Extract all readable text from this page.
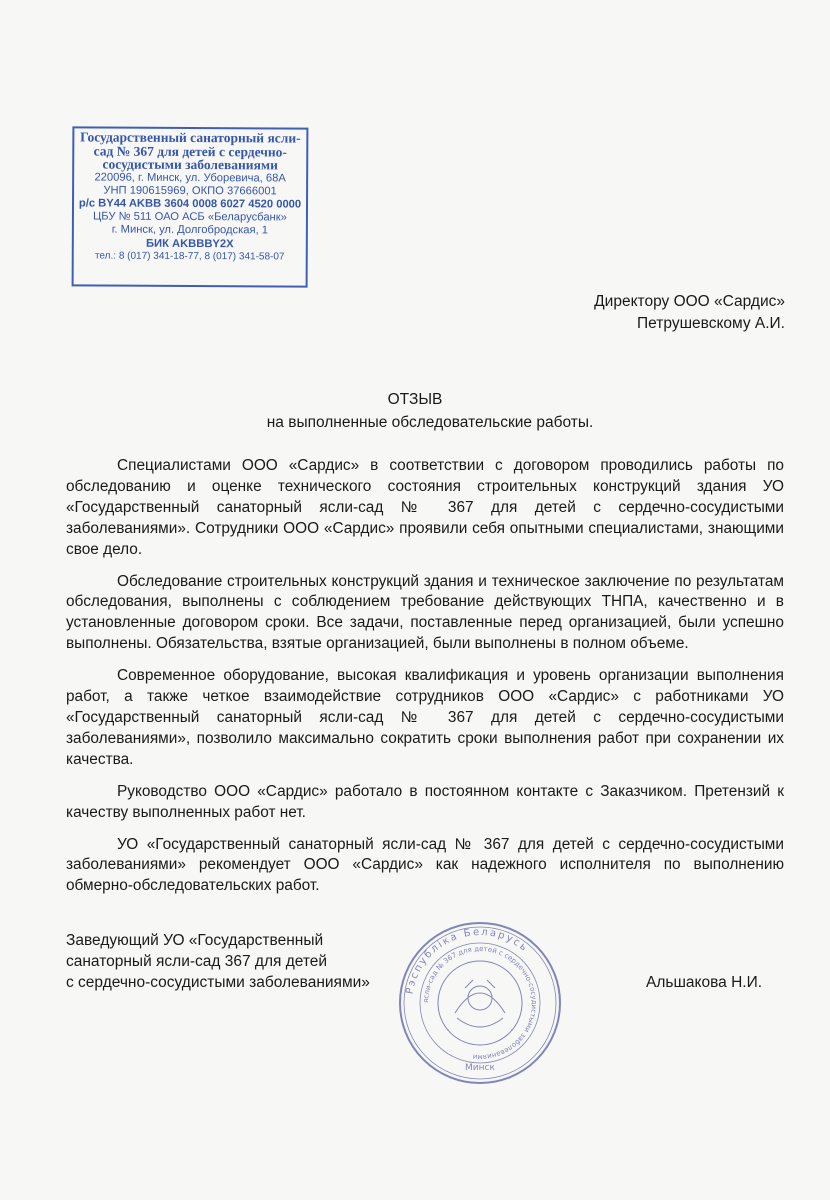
Государственный санаторный ясли-сад № 367 для детей с сердечно-сосудистыми заболеваниями
220096, г. Минск, ул. Уборевича, 68А
УНП 190615969, ОКПО 37666001
р/с BY44 AKBB 3604 0008 6027 4520 0000
ЦБУ № 511 ОАО АСБ «Беларусбанк»
г. Минск, ул. Долгобродская, 1
БИК AKBBBY2X
тел.: 8 (017) 341-18-77, 8 (017) 341-58-07
Директору ООО «Сардис»
Петрушевскому А.И.
ОТЗЫВ
на выполненные обследовательские работы.

Специалистами ООО «Сардис» в соответствии с договором проводились работы по обследованию и оценке технического состояния строительных конструкций здания УО «Государственный санаторный ясли-сад № 367 для детей с сердечно-сосудистыми заболеваниями». Сотрудники ООО «Сардис» проявили себя опытными специалистами, знающими свое дело.

Обследование строительных конструкций здания и техническое заключение по результатам обследования, выполнены с соблюдением требование действующих ТНПА, качественно и в установленные договором сроки. Все задачи, поставленные перед организацией, были успешно выполнены. Обязательства, взятые организацией, были выполнены в полном объеме.

Современное оборудование, высокая квалификация и уровень организации выполнения работ, а также четкое взаимодействие сотрудников ООО «Сардис» с работниками УО «Государственный санаторный ясли-сад № 367 для детей с сердечно-сосудистыми заболеваниями», позволило максимально сократить сроки выполнения работ при сохранении их качества.

Руководство ООО «Сардис» работало в постоянном контакте с Заказчиком. Претензий к качеству выполненных работ нет.

УО «Государственный санаторный ясли-сад № 367 для детей с сердечно-сосудистыми заболеваниями» рекомендует ООО «Сардис» как надежного исполнителя по выполнению обмерно-обследовательских работ.

Заведующий УО «Государственный
санаторный ясли-сад 367 для детей
с сердечно-сосудистыми заболеваниями»	Рэспубліка Беларусь
ясли-сад № 367 для детей с сердечно-сосудистыми заболеваниями
Минск
Альшакова Н.И.
